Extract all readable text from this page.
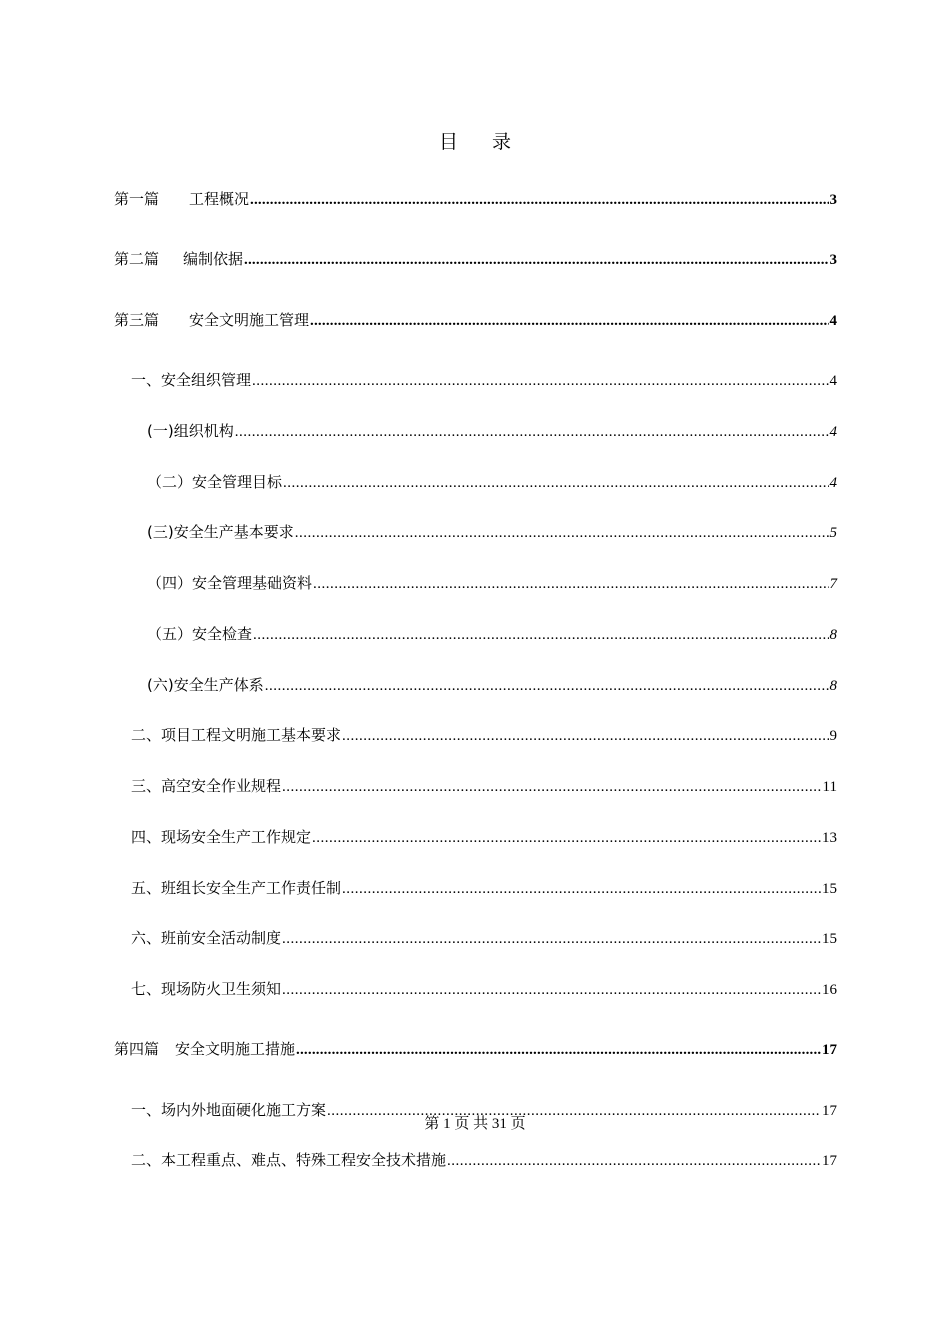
目 录
第一篇 工程概况 .....	3
第二篇 编制依据 .....	3
第三篇 安全文明施工管理 .....	4
一、安全组织管理 .....	4
(一)组织机构 .....	4
（二）安全管理目标 .....	4
(三)安全生产基本要求 .....	5
（四）安全管理基础资料 .....	7
（五）安全检查 .....	8
(六)安全生产体系 .....	8
二、项目工程文明施工基本要求 .....	9
三、高空安全作业规程 .....	11
四、现场安全生产工作规定 .....	13
五、班组长安全生产工作责任制 .....	15
六、班前安全活动制度 .....	15
七、现场防火卫生须知 .....	16
第四篇 安全文明施工措施 .....	17
一、场内外地面硬化施工方案 .....	17
第 1 页 共 31 页
二、本工程重点、难点、特殊工程安全技术措施 .....	17
